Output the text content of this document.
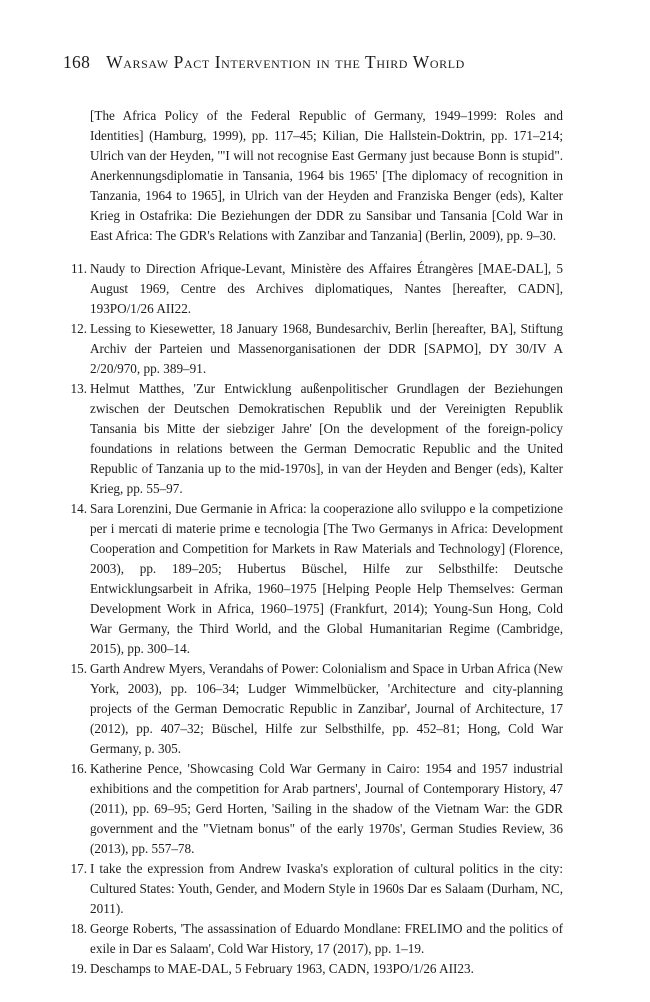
168 Warsaw Pact Intervention in the Third World

[The Africa Policy of the Federal Republic of Germany, 1949–1999: Roles and Identities] (Hamburg, 1999), pp. 117–45; Kilian, Die Hallstein-Doktrin, pp. 171–214; Ulrich van der Heyden, '"I will not recognise East Germany just because Bonn is stupid". Anerkennungsdiplomatie in Tansania, 1964 bis 1965' [The diplomacy of recognition in Tanzania, 1964 to 1965], in Ulrich van der Heyden and Franziska Benger (eds), Kalter Krieg in Ostafrika: Die Beziehungen der DDR zu Sansibar und Tansania [Cold War in East Africa: The GDR's Relations with Zanzibar and Tanzania] (Berlin, 2009), pp. 9–30.

11. Naudy to Direction Afrique-Levant, Ministère des Affaires Étrangères [MAE-DAL], 5 August 1969, Centre des Archives diplomatiques, Nantes [hereafter, CADN], 193PO/1/26 AII22.

12. Lessing to Kiesewetter, 18 January 1968, Bundesarchiv, Berlin [hereafter, BA], Stiftung Archiv der Parteien und Massenorganisationen der DDR [SAPMO], DY 30/IV A 2/20/970, pp. 389–91.

13. Helmut Matthes, 'Zur Entwicklung außenpolitischer Grundlagen der Beziehungen zwischen der Deutschen Demokratischen Republik und der Vereinigten Republik Tansania bis Mitte der siebziger Jahre' [On the development of the foreign-policy foundations in relations between the German Democratic Republic and the United Republic of Tanzania up to the mid-1970s], in van der Heyden and Benger (eds), Kalter Krieg, pp. 55–97.

14. Sara Lorenzini, Due Germanie in Africa: la cooperazione allo sviluppo e la competizione per i mercati di materie prime e tecnologia [The Two Germanys in Africa: Development Cooperation and Competition for Markets in Raw Materials and Technology] (Florence, 2003), pp. 189–205; Hubertus Büschel, Hilfe zur Selbsthilfe: Deutsche Entwicklungsarbeit in Afrika, 1960–1975 [Helping People Help Themselves: German Development Work in Africa, 1960–1975] (Frankfurt, 2014); Young-Sun Hong, Cold War Germany, the Third World, and the Global Humanitarian Regime (Cambridge, 2015), pp. 300–14.

15. Garth Andrew Myers, Verandahs of Power: Colonialism and Space in Urban Africa (New York, 2003), pp. 106–34; Ludger Wimmelbücker, 'Architecture and city-planning projects of the German Democratic Republic in Zanzibar', Journal of Architecture, 17 (2012), pp. 407–32; Büschel, Hilfe zur Selbsthilfe, pp. 452–81; Hong, Cold War Germany, p. 305.

16. Katherine Pence, 'Showcasing Cold War Germany in Cairo: 1954 and 1957 industrial exhibitions and the competition for Arab partners', Journal of Contemporary History, 47 (2011), pp. 69–95; Gerd Horten, 'Sailing in the shadow of the Vietnam War: the GDR government and the "Vietnam bonus" of the early 1970s', German Studies Review, 36 (2013), pp. 557–78.

17. I take the expression from Andrew Ivaska's exploration of cultural politics in the city: Cultured States: Youth, Gender, and Modern Style in 1960s Dar es Salaam (Durham, NC, 2011).

18. George Roberts, 'The assassination of Eduardo Mondlane: FRELIMO and the politics of exile in Dar es Salaam', Cold War History, 17 (2017), pp. 1–19.

19. Deschamps to MAE-DAL, 5 February 1963, CADN, 193PO/1/26 AII23.
